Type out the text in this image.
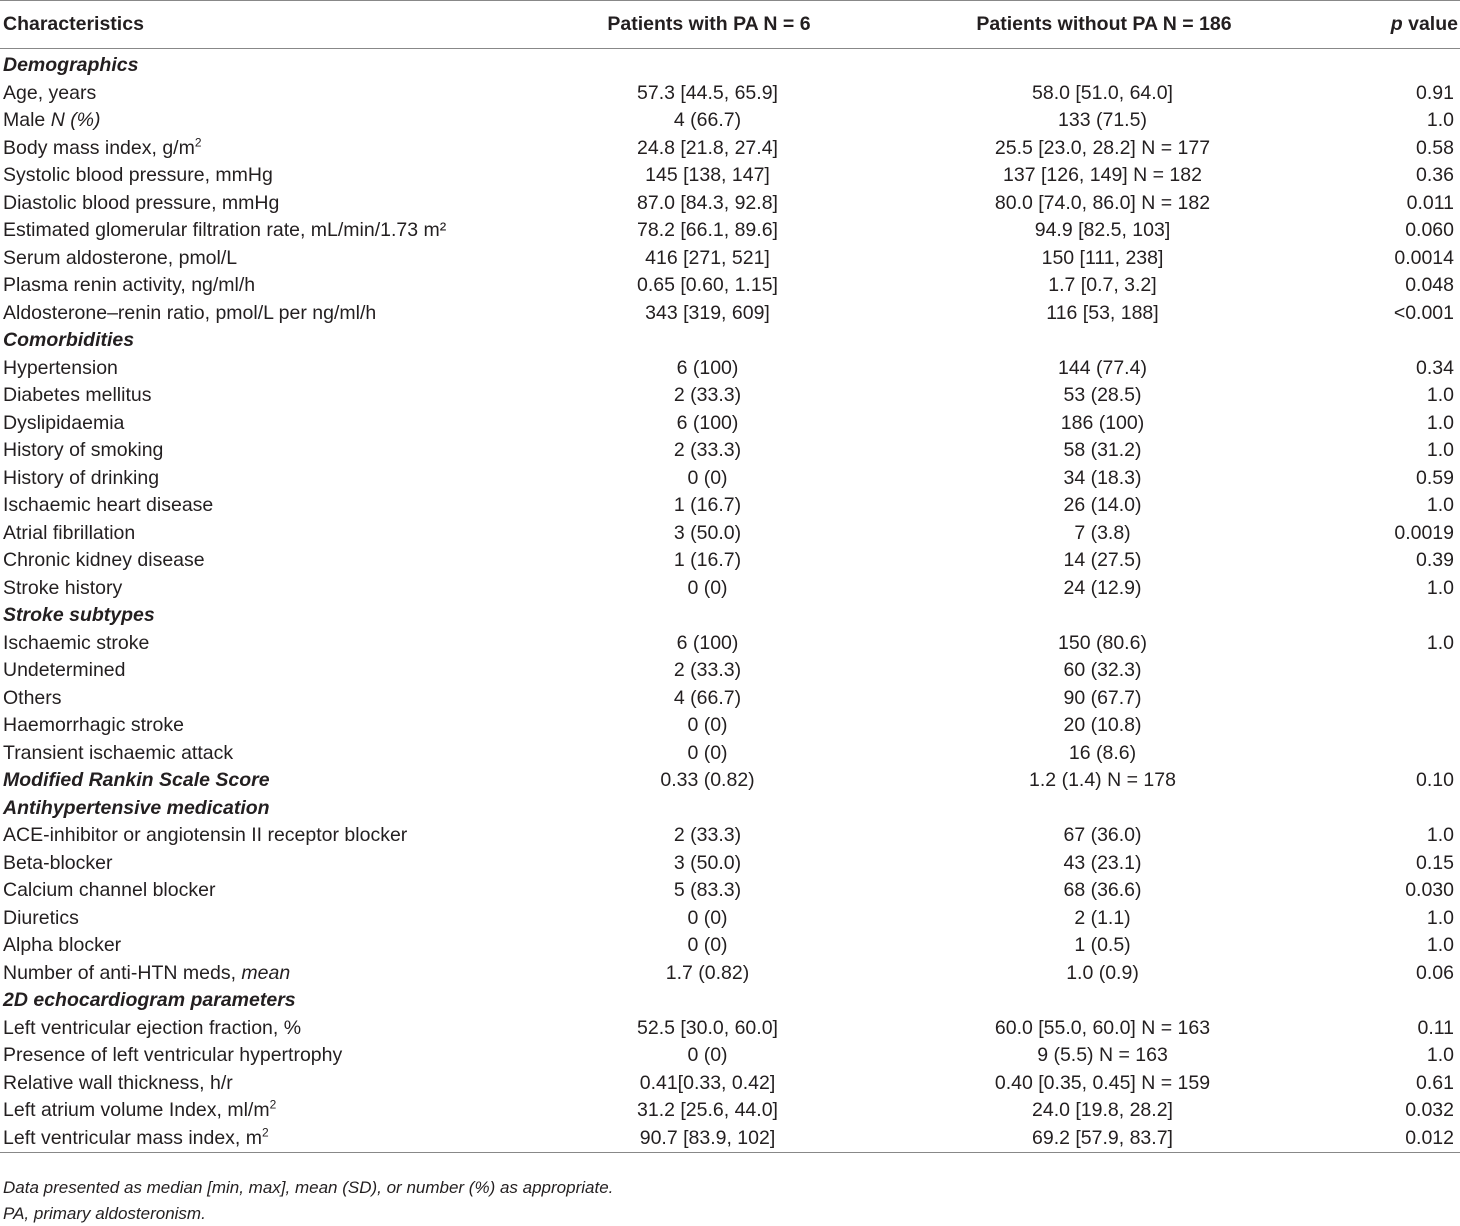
Characteristics	Patients with PA N = 6	Patients without PA N = 186	p value
Demographics			
Age, years	57.3 [44.5, 65.9]	58.0 [51.0, 64.0]	0.91
Male N (%)	4 (66.7)	133 (71.5)	1.0
Body mass index, $g/m^2$	24.8 [21.8, 27.4]	25.5 [23.0, 28.2] N = 177	0.58
Systolic blood pressure, mmHg	145 [138, 147]	137 [126, 149] N = 182	0.36
Diastolic blood pressure, mmHg	87.0 [84.3, 92.8]	80.0 [74.0, 86.0] N = 182	0.011
Estimated glomerular filtration rate, mL/min/1.73 m²	78.2 [66.1, 89.6]	94.9 [82.5, 103]	0.060
Serum aldosterone, pmol/L	416 [271, 521]	150 [111, 238]	0.0014
Plasma renin activity, ng/ml/h	0.65 [0.60, 1.15]	1.7 [0.7, 3.2]	0.048
Aldosterone–renin ratio, pmol/L per ng/ml/h	343 [319, 609]	116 [53, 188]	<0.001
Comorbidities			
Hypertension	6 (100)	144 (77.4)	0.34
Diabetes mellitus	2 (33.3)	53 (28.5)	1.0
Dyslipidaemia	6 (100)	186 (100)	1.0
History of smoking	2 (33.3)	58 (31.2)	1.0
History of drinking	0 (0)	34 (18.3)	0.59
Ischaemic heart disease	1 (16.7)	26 (14.0)	1.0
Atrial fibrillation	3 (50.0)	7 (3.8)	0.0019
Chronic kidney disease	1 (16.7)	14 (27.5)	0.39
Stroke history	0 (0)	24 (12.9)	1.0
Stroke subtypes			
Ischaemic stroke	6 (100)	150 (80.6)	1.0
Undetermined	2 (33.3)	60 (32.3)	
Others	4 (66.7)	90 (67.7)	
Haemorrhagic stroke	0 (0)	20 (10.8)	
Transient ischaemic attack	0 (0)	16 (8.6)	
Modified Rankin Scale Score	0.33 (0.82)	1.2 (1.4) N = 178	0.10
Antihypertensive medication			
ACE-inhibitor or angiotensin II receptor blocker	2 (33.3)	67 (36.0)	1.0
Beta-blocker	3 (50.0)	43 (23.1)	0.15
Calcium channel blocker	5 (83.3)	68 (36.6)	0.030
Diuretics	0 (0)	2 (1.1)	1.0
Alpha blocker	0 (0)	1 (0.5)	1.0
Number of anti-HTN meds, mean	1.7 (0.82)	1.0 (0.9)	0.06
2D echocardiogram parameters			
Left ventricular ejection fraction, %	52.5 [30.0, 60.0]	60.0 [55.0, 60.0] N = 163	0.11
Presence of left ventricular hypertrophy	0 (0)	9 (5.5) N = 163	1.0
Relative wall thickness, h/r	0.41[0.33, 0.42]	0.40 [0.35, 0.45] N = 159	0.61
Left atrium volume Index, $ml/m^2$	31.2 [25.6, 44.0]	24.0 [19.8, 28.2]	0.032
Left ventricular mass index, $m^2$	90.7 [83.9, 102]	69.2 [57.9, 83.7]	0.012
Data presented as median [min, max], mean (SD), or number (%) as appropriate.
PA, primary aldosteronism.
